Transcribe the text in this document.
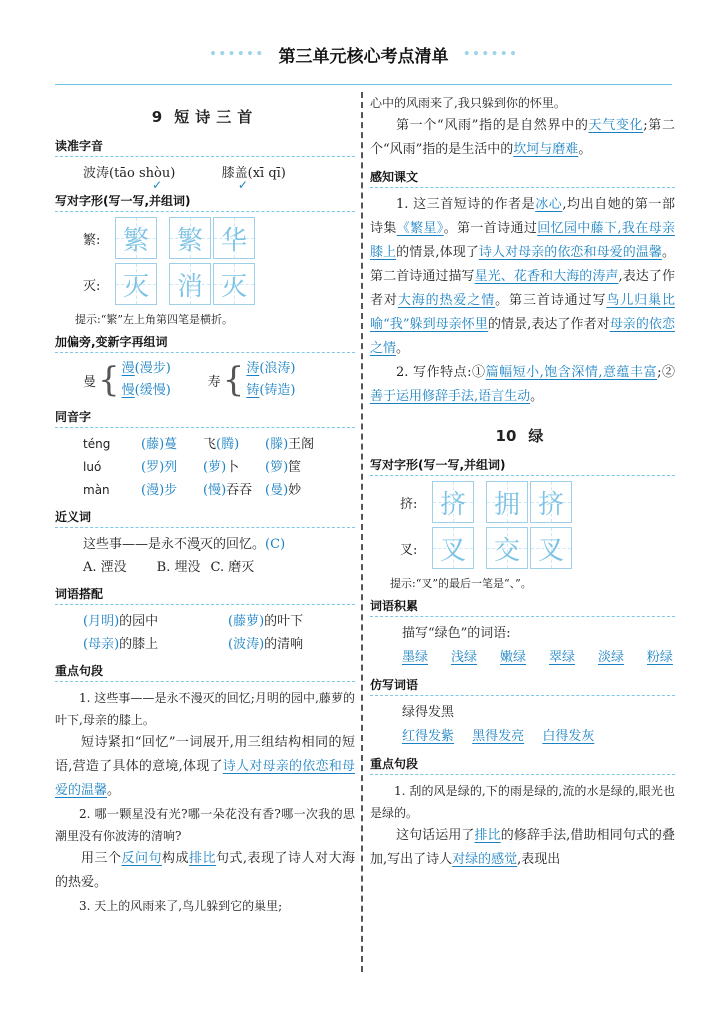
•••••• 第三单元核心考点清单 ••••••
9 短诗三首
读准字音

波涛(tāo shòu)
✓
膝盖(xī
✓
qī)

写对字形(写一写,并组词)
繁: 繁 繁 华
灭: 灭 消 灭
提示:“繁”左上角第四笔是横折。
加偏旁,变新字再组词
曼 { 漫(漫步)
慢(缓慢)
寿 { 涛(浪涛)
铸(铸造)
同音字
téng	(藤)蔓	飞(腾)	(滕)王阁
luó	(罗)列	(萝)卜	(箩)筐
màn	(漫)步	(慢)吞吞 (曼)妙
近义词

这些事——是永不漫灭的回忆。(C)

A. 湮没 B. 埋没 C. 磨灭
词语搭配
(月明)的园中	(藤萝)的叶下
(母亲)的膝上	(波涛)的清响
重点句段

1. 这些事——是永不漫灭的回忆;月明的园中,藤萝的叶下,母亲的膝上。

短诗紧扣“回忆”一词展开,用三组结构相同的短语,营造了具体的意境,体现了诗人对母亲的依恋和母爱的温馨。

2. 哪一颗星没有光?哪一朵花没有香?哪一次我的思潮里没有你波涛的清响?

用三个反问句构成排比句式,表现了诗人对大海的热爱。

3. 天上的风雨来了,鸟儿躲到它的巢里;

心中的风雨来了,我只躲到你的怀里。

第一个“风雨”指的是自然界中的天气变化;第二个“风雨”指的是生活中的坎坷与磨难。

感知课文

1. 这三首短诗的作者是冰心,均出自她的第一部诗集《繁星》。第一首诗通过回忆园中藤下,我在母亲膝上的情景,体现了诗人对母亲的依恋和母爱的温馨。第二首诗通过描写星光、花香和大海的涛声,表达了作者对大海的热爱之情。第三首诗通过写鸟儿归巢比喻“我”躲到母亲怀里的情景,表达了作者对母亲的依恋之情。

2. 写作特点:①篇幅短小,饱含深情,意蕴丰富;②善于运用修辞手法,语言生动。

10 绿
写对字形(写一写,并组词)
挤: 挤 拥 挤
叉: 叉 交 叉
提示:“叉”的最后一笔是“、”。
词语积累

描写“绿色”的词语:

墨绿 浅绿 嫩绿 翠绿 淡绿 粉绿
仿写词语

绿得发黑

红得发紫 黑得发亮 白得发灰
重点句段

1. 刮的风是绿的,下的雨是绿的,流的水是绿的,眼光也是绿的。

这句话运用了排比的修辞手法,借助相同句式的叠加,写出了诗人对绿的感觉,表现出
